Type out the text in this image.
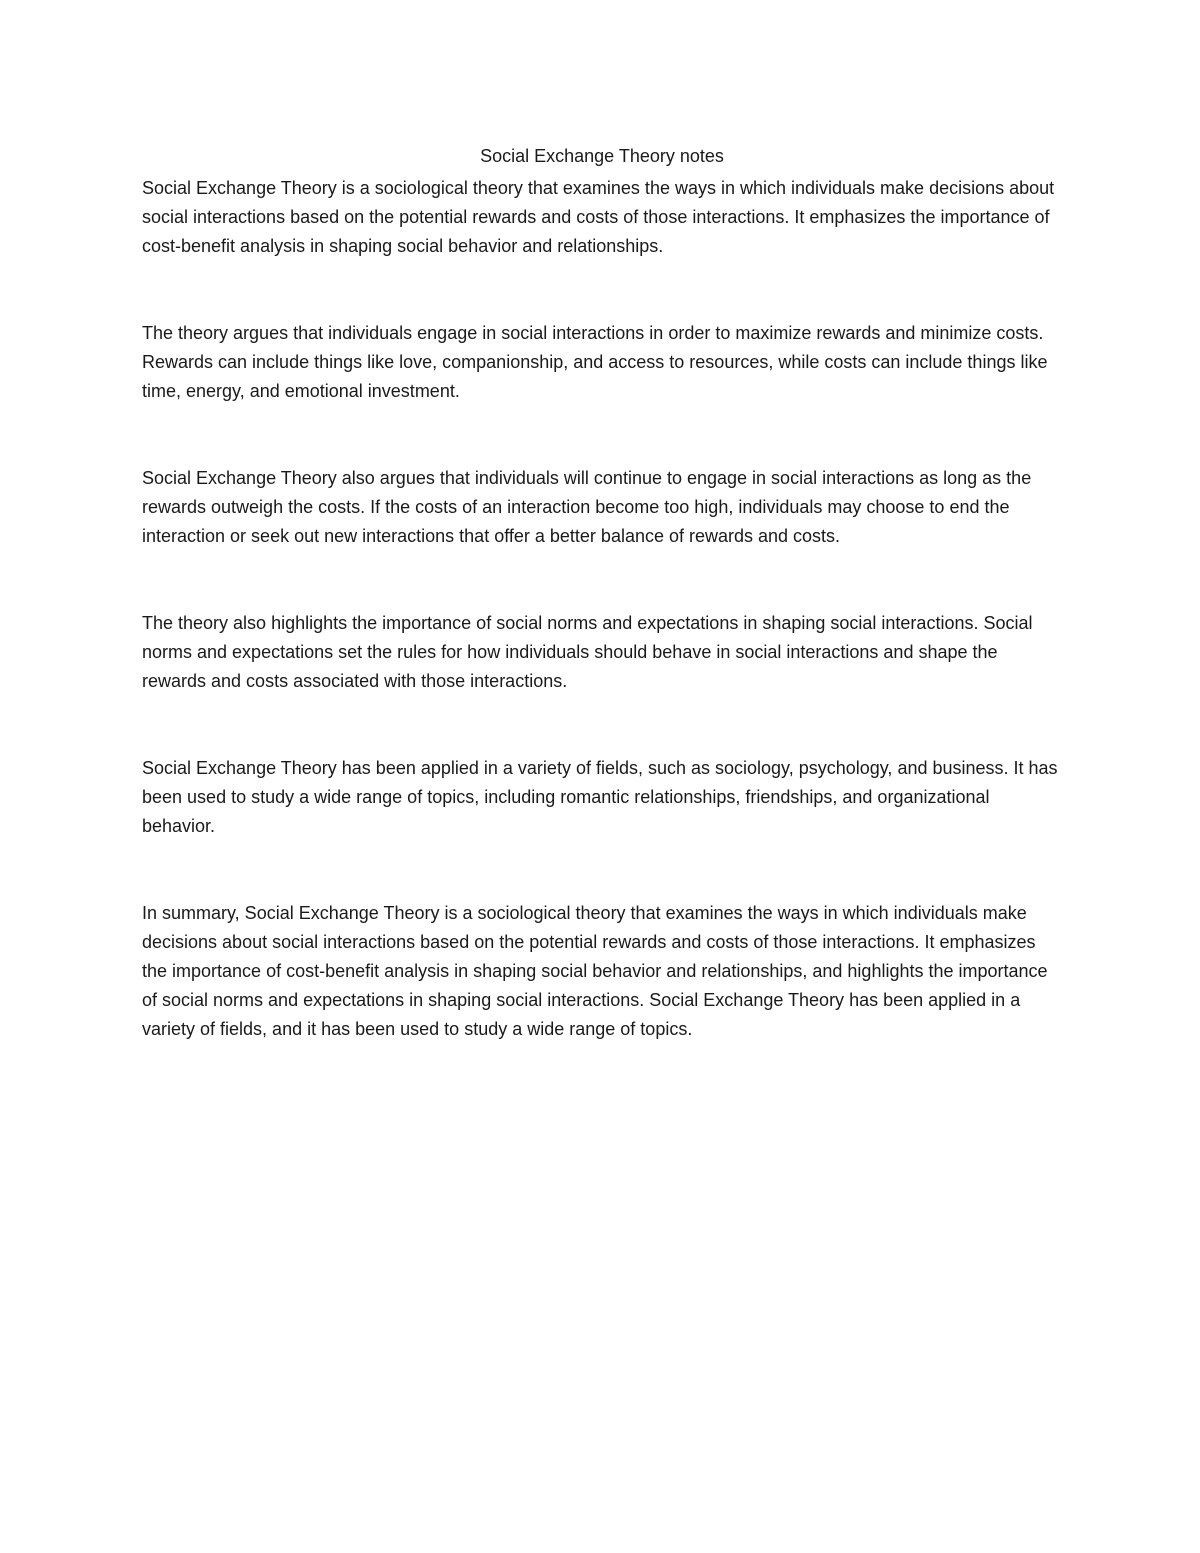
Social Exchange Theory notes

Social Exchange Theory is a sociological theory that examines the ways in which individuals make decisions about social interactions based on the potential rewards and costs of those interactions. It emphasizes the importance of cost-benefit analysis in shaping social behavior and relationships.

The theory argues that individuals engage in social interactions in order to maximize rewards and minimize costs. Rewards can include things like love, companionship, and access to resources, while costs can include things like time, energy, and emotional investment.

Social Exchange Theory also argues that individuals will continue to engage in social interactions as long as the rewards outweigh the costs. If the costs of an interaction become too high, individuals may choose to end the interaction or seek out new interactions that offer a better balance of rewards and costs.

The theory also highlights the importance of social norms and expectations in shaping social interactions. Social norms and expectations set the rules for how individuals should behave in social interactions and shape the rewards and costs associated with those interactions.

Social Exchange Theory has been applied in a variety of fields, such as sociology, psychology, and business. It has been used to study a wide range of topics, including romantic relationships, friendships, and organizational behavior.

In summary, Social Exchange Theory is a sociological theory that examines the ways in which individuals make decisions about social interactions based on the potential rewards and costs of those interactions. It emphasizes the importance of cost-benefit analysis in shaping social behavior and relationships, and highlights the importance of social norms and expectations in shaping social interactions. Social Exchange Theory has been applied in a variety of fields, and it has been used to study a wide range of topics.
